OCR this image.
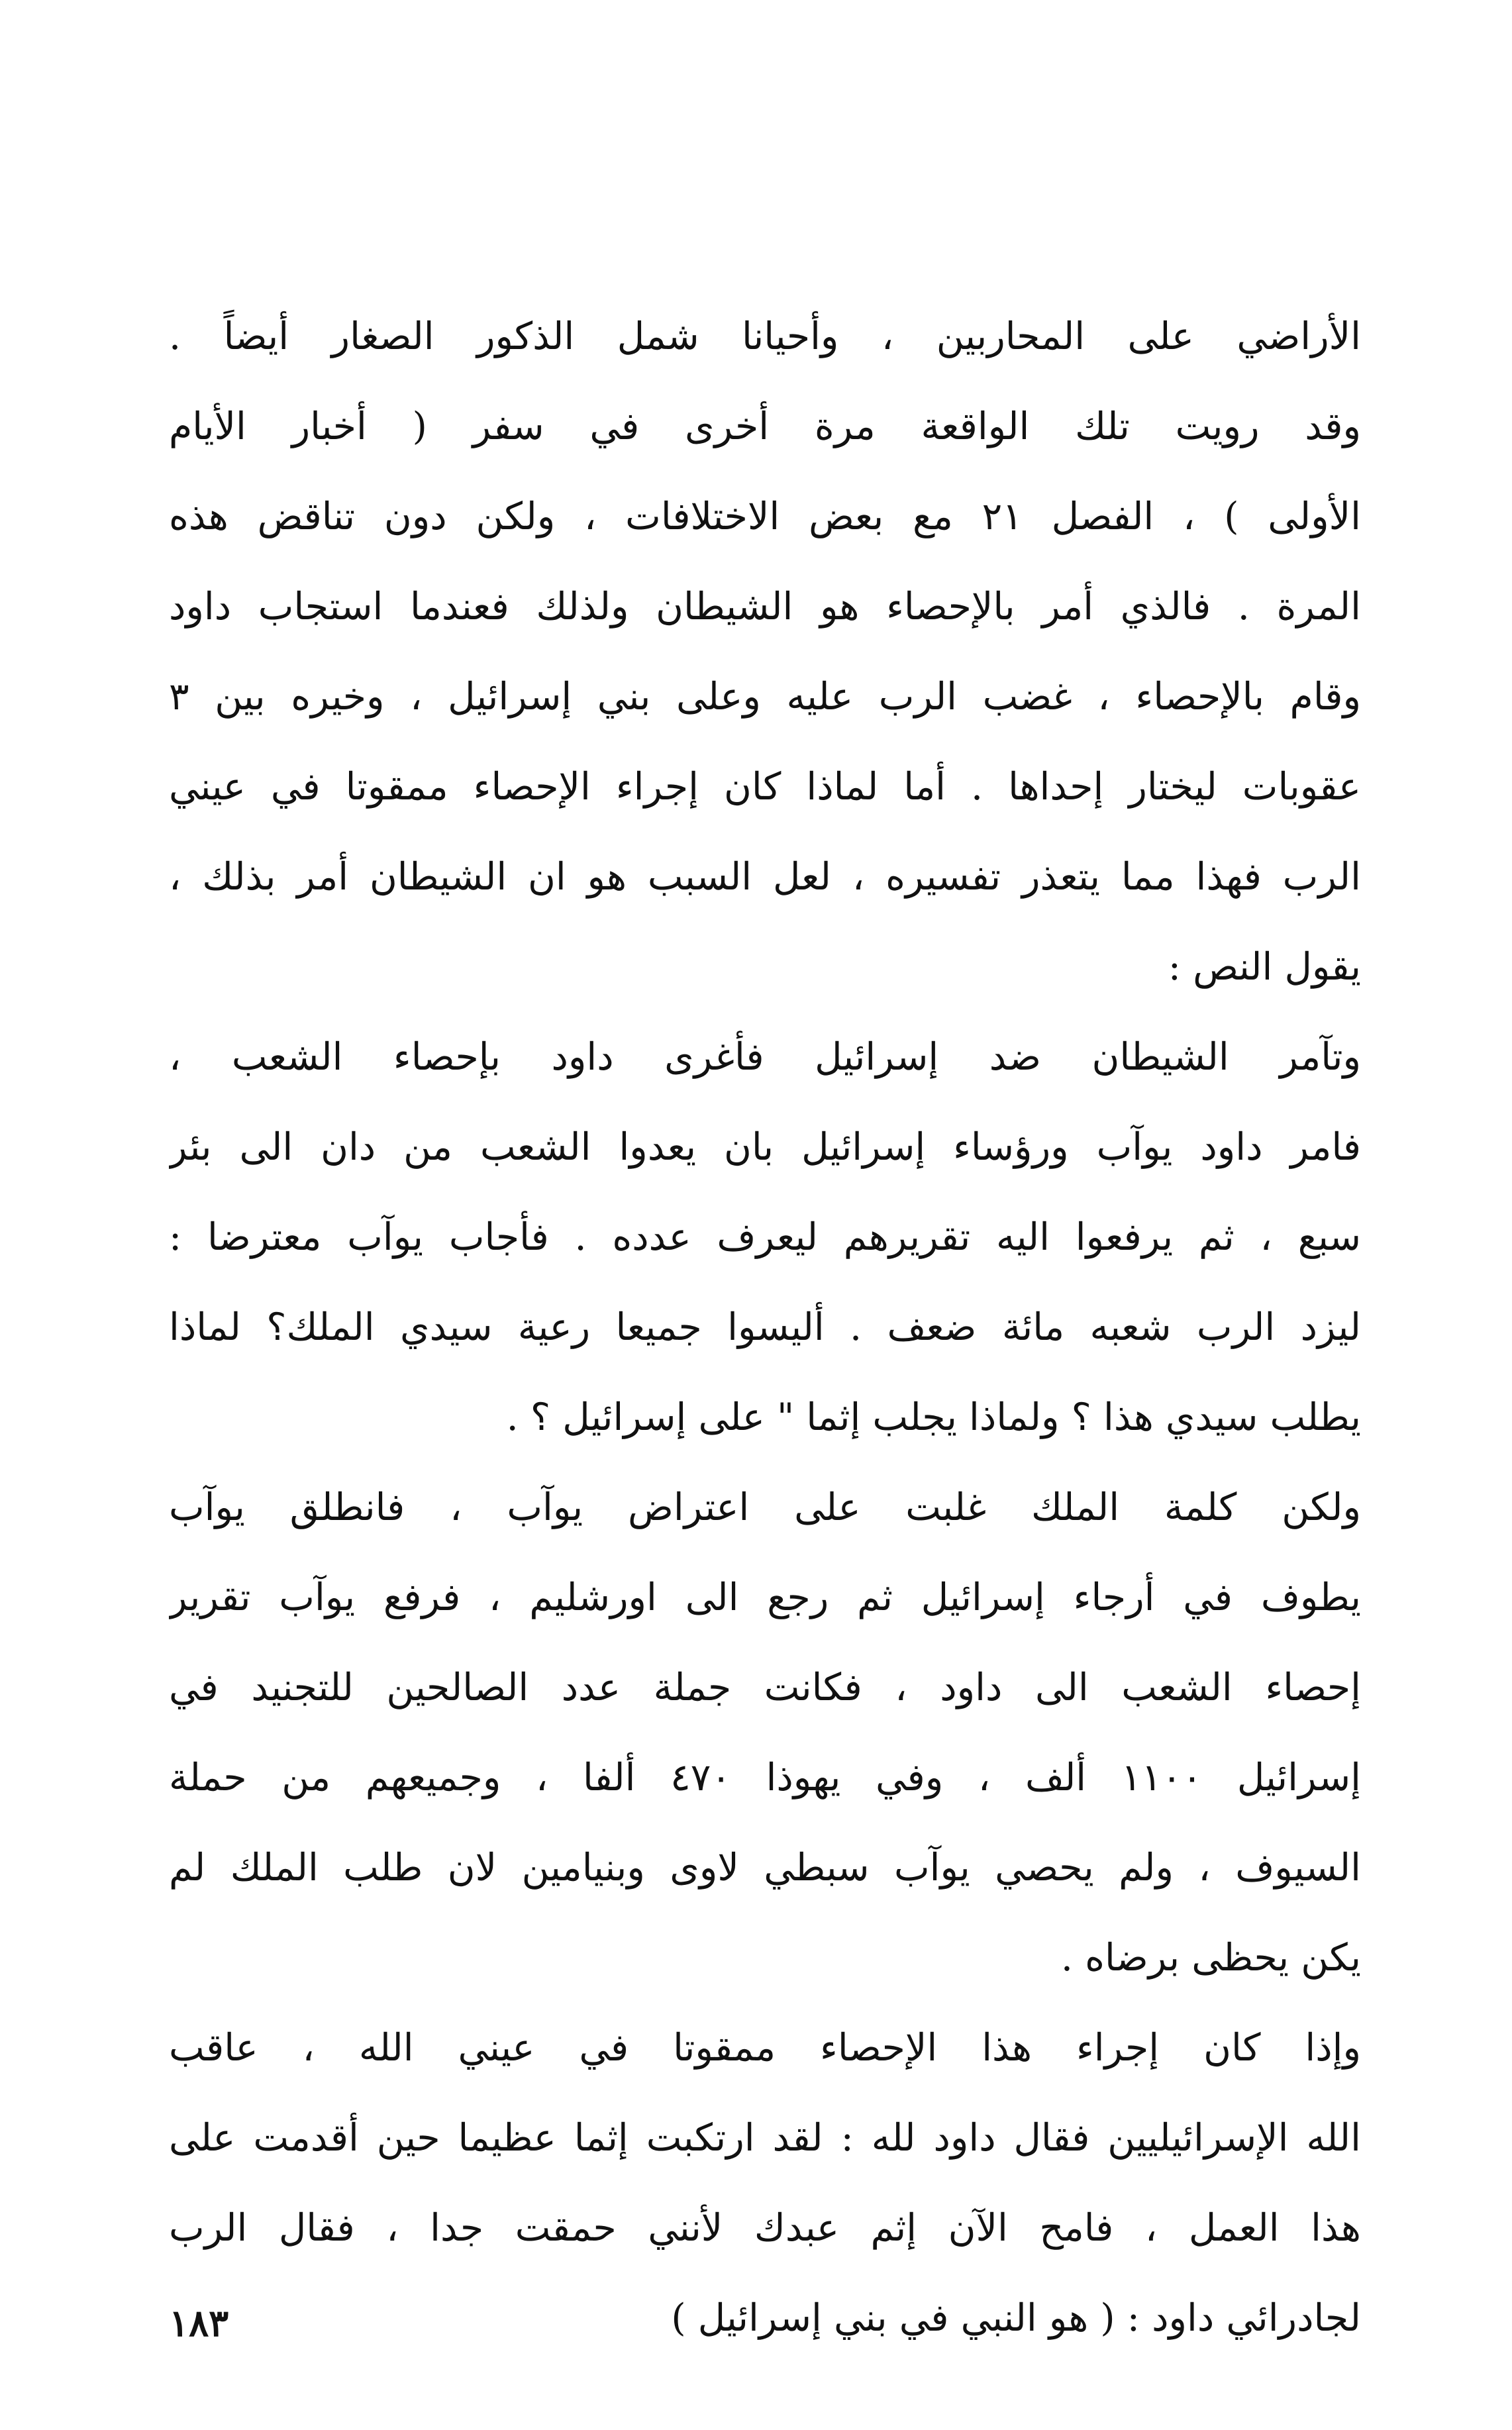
الأراضي على المحاربين ، وأحيانا شمل الذكور الصغار أيضاً .
وقد رويت تلك الواقعة مرة أخرى في سفر ( أخبار الأيام
الأولى ) ، الفصل ٢١ مع بعض الاختلافات ، ولكن دون تناقض هذه
المرة . فالذي أمر بالإحصاء هو الشيطان ولذلك فعندما استجاب داود
وقام بالإحصاء ، غضب الرب عليه وعلى بني إسرائيل ، وخيره بين ٣
عقوبات ليختار إحداها . أما لماذا كان إجراء الإحصاء ممقوتا في عيني
الرب فهذا مما يتعذر تفسيره ، لعل السبب هو ان الشيطان أمر بذلك ،
يقول النص :
وتآمر الشيطان ضد إسرائيل فأغرى داود بإحصاء الشعب ،
فامر داود يوآب ورؤساء إسرائيل بان يعدوا الشعب من دان الى بئر
سبع ، ثم يرفعوا اليه تقريرهم ليعرف عدده . فأجاب يوآب معترضا :
ليزد الرب شعبه مائة ضعف . أليسوا جميعا رعية سيدي الملك؟ لماذا
يطلب سيدي هذا ؟ ولماذا يجلب إثما " على إسرائيل ؟ .
ولكن كلمة الملك غلبت على اعتراض يوآب ، فانطلق يوآب
يطوف في أرجاء إسرائيل ثم رجع الى اورشليم ، فرفع يوآب تقرير
إحصاء الشعب الى داود ، فكانت جملة عدد الصالحين للتجنيد في
إسرائيل ١١٠٠ ألف ، وفي يهوذا ٤٧٠ ألفا ، وجميعهم من حملة
السيوف ، ولم يحصي يوآب سبطي لاوى وبنيامين لان طلب الملك لم
يكن يحظى برضاه .
وإذا كان إجراء هذا الإحصاء ممقوتا في عيني الله ، عاقب
الله الإسرائيليين فقال داود لله : لقد ارتكبت إثما عظيما حين أقدمت على
هذا العمل ، فامح الآن إثم عبدك لأنني حمقت جدا ، فقال الرب
لجادرائي داود : ( هو النبي في بني إسرائيل )
١٨٣
